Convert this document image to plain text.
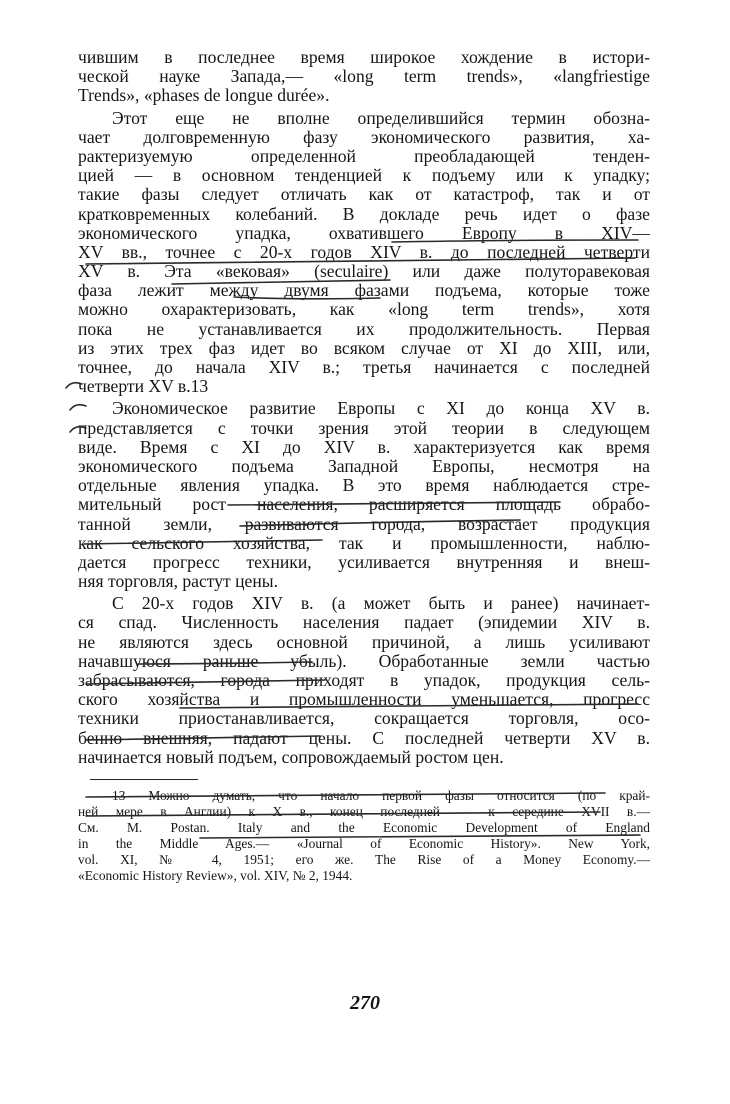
чившим в последнее время широкое хождение в истори-
ческой науке Запада,— «long term trends», «langfriestige
Trends», «phases de longue durée».
Этот еще не вполне определившийся термин обозна-
чает долговременную фазу экономического развития, ха-
рактеризуемую определенной преобладающей тенден-
цией — в основном тенденцией к подъему или к упадку;
такие фазы следует отличать как от катастроф, так и от
кратковременных колебаний. В докладе речь идет о фазе
экономического упадка, охватившего Европу в XIV—
XV вв., точнее с 20-х годов XIV в. до последней четверти
XV в. Эта «вековая» (seculaire) или даже полуторавековая
фаза лежит между двумя фазами подъема, которые тоже
можно охарактеризовать, как «long term trends», хотя
пока не устанавливается их продолжительность. Первая
из этих трех фаз идет во всяком случае от XI до XIII, или,
точнее, до начала XIV в.; третья начинается с последней
четверти XV в.13
Экономическое развитие Европы с XI до конца XV в.
представляется с точки зрения этой теории в следующем
виде. Время с XI до XIV в. характеризуется как время
экономического подъема Западной Европы, несмотря на
отдельные явления упадка. В это время наблюдается стре-
мительный рост населения, расширяется площадь обрабо-
танной земли, развиваются города, возрастает продукция
как сельского хозяйства, так и промышленности, наблю-
дается прогресс техники, усиливается внутренняя и внеш-
няя торговля, растут цены.
С 20-х годов XIV в. (а может быть и ранее) начинает-
ся спад. Численность населения падает (эпидемии XIV в.
не являются здесь основной причиной, а лишь усиливают
начавшуюся раньше убыль). Обработанные земли частью
забрасываются, города приходят в упадок, продукция сель-
ского хозяйства и промышленности уменьшается, прогресс
техники приостанавливается, сокращается торговля, осо-
бенно внешняя, падают цены. С последней четверти XV в.
начинается новый подъем, сопровождаемый ростом цен.
13 Можно думать, что начало первой фазы относится (по край-
ней мере в Англии) к X в., конец последней — к середине XVII в.—
См. M. Postan. Italy and the Economic Development of England
in the Middle Ages.— «Journal of Economic History». New York,
vol. XI, № 4, 1951; его же. The Rise of a Money Economy.—
«Economic History Review», vol. XIV, № 2, 1944.
270
